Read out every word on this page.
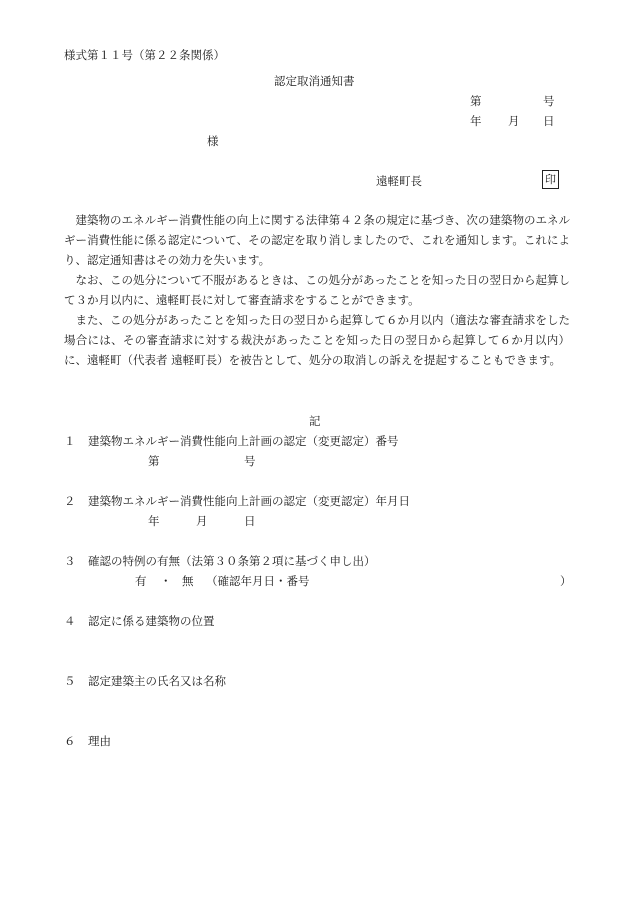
様式第１１号（第２２条関係）
認定取消通知書
第	号
年 月 日
様
遠軽町長	印
建築物のエネルギー消費性能の向上に関する法律第４２条の規定に基づき、次の建築物のエネルギー消費性能に係る認定について、その認定を取り消しましたので、これを通知します。これにより、認定通知書はその効力を失います。
なお、この処分について不服があるときは、この処分があったことを知った日の翌日から起算して３か月以内に、遠軽町長に対して審査請求をすることができます。
また、この処分があったことを知った日の翌日から起算して６か月以内（適法な審査請求をした場合には、その審査請求に対する裁決があったことを知った日の翌日から起算して６か月以内）に、遠軽町（代表者 遠軽町長）を被告として、処分の取消しの訴えを提起することもできます。
記
１ 建築物エネルギー消費性能向上計画の認定（変更認定）番号
第	号
２ 建築物エネルギー消費性能向上計画の認定（変更認定）年月日
年	月	日
３ 確認の特例の有無（法第３０条第２項に基づく申し出）
有 ・ 無 （確認年月日・番号	）
４ 認定に係る建築物の位置
５ 認定建築主の氏名又は名称
６ 理由
